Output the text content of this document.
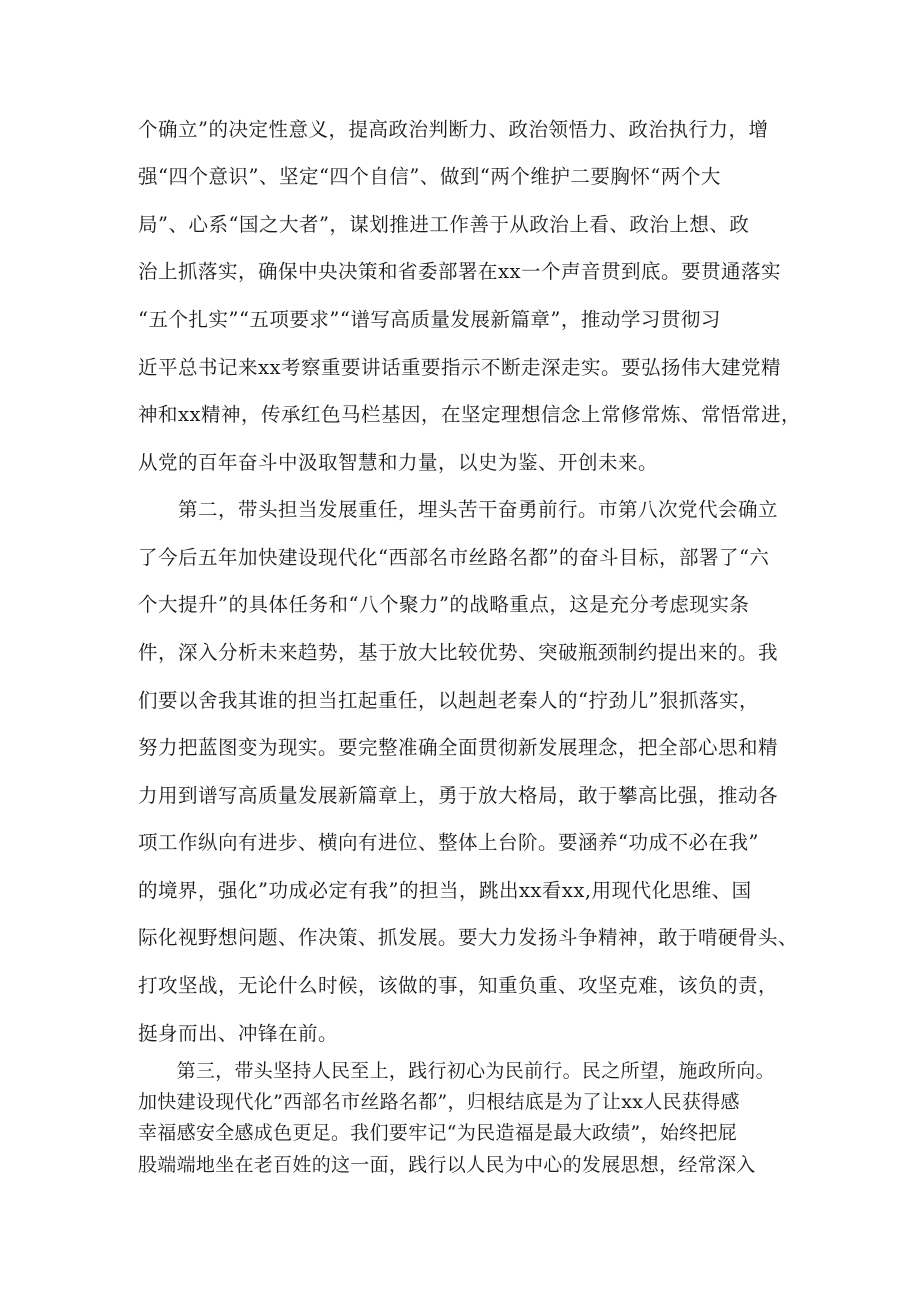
个确立”的决定性意义，提高政治判断力、政治领悟力、政治执行力，增
强“四个意识”、坚定“四个自信”、做到“两个维护二要胸怀“两个大
局”、心系“国之大者”，谋划推进工作善于从政治上看、政治上想、政
治上抓落实，确保中央决策和省委部署在xx一个声音贯到底。要贯通落实
“五个扎实”“五项要求”“谱写高质量发展新篇章”，推动学习贯彻习
近平总书记来xx考察重要讲话重要指示不断走深走实。要弘扬伟大建党精
神和xx精神，传承红色马栏基因，在坚定理想信念上常修常炼、常悟常进，
从党的百年奋斗中汲取智慧和力量，以史为鉴、开创未来。
　　第二，带头担当发展重任，埋头苦干奋勇前行。市第八次党代会确立
了今后五年加快建设现代化“西部名市丝路名都”的奋斗目标，部署了“六
个大提升”的具体任务和“八个聚力”的战略重点，这是充分考虑现实条
件，深入分析未来趋势，基于放大比较优势、突破瓶颈制约提出来的。我
们要以舍我其谁的担当扛起重任，以赳赳老秦人的“拧劲儿”狠抓落实，
努力把蓝图变为现实。要完整准确全面贯彻新发展理念，把全部心思和精
力用到谱写高质量发展新篇章上，勇于放大格局，敢于攀高比强，推动各
项工作纵向有进步、横向有进位、整体上台阶。要涵养“功成不必在我”
的境界，强化”功成必定有我”的担当，跳出xx看xx,用现代化思维、国
际化视野想问题、作决策、抓发展。要大力发扬斗争精神，敢于啃硬骨头、
打攻坚战，无论什么时候，该做的事，知重负重、攻坚克难，该负的责，
挺身而出、冲锋在前。
　　第三，带头坚持人民至上，践行初心为民前行。民之所望，施政所向。
加快建设现代化”西部名市丝路名都”，归根结底是为了让xx人民获得感
幸福感安全感成色更足。我们要牢记“为民造福是最大政绩”，始终把屁
股端端地坐在老百姓的这一面，践行以人民为中心的发展思想，经常深入
